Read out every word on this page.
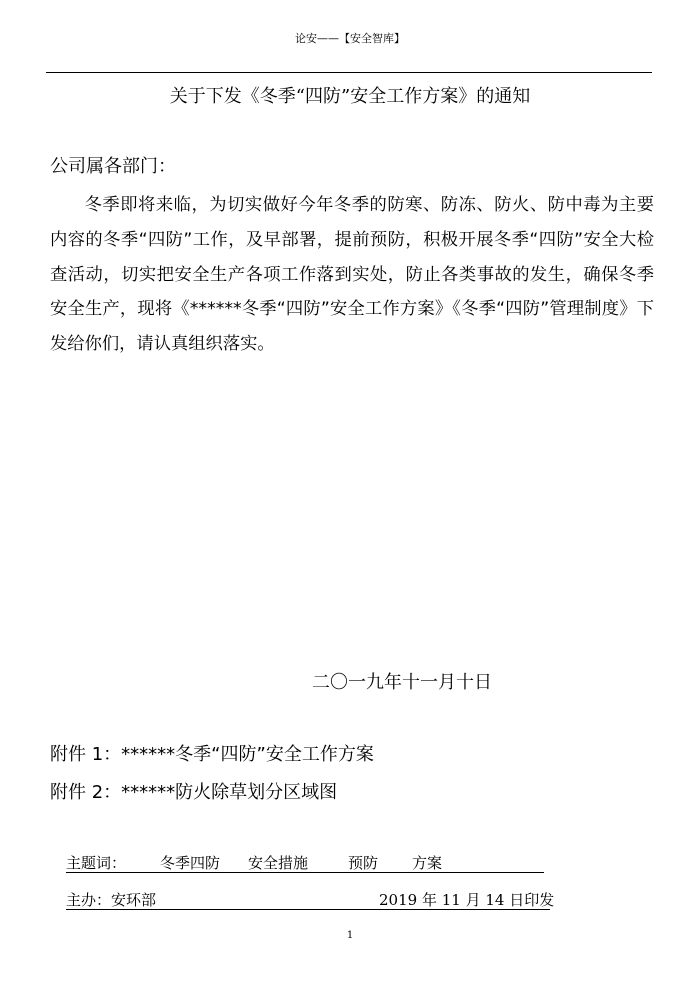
论安——【安全智库】
关于下发《冬季“四防”安全工作方案》的通知
公司属各部门：
冬季即将来临，为切实做好今年冬季的防寒、防冻、防火、防中毒为主要内容的冬季“四防”工作，及早部署，提前预防，积极开展冬季“四防”安全大检查活动，切实把安全生产各项工作落到实处，防止各类事故的发生，确保冬季安全生产，现将《******冬季“四防”安全工作方案》《冬季“四防”管理制度》下发给你们，请认真组织落实。
二〇一九年十一月十日
附件 1：******冬季“四防”安全工作方案
附件 2：******防火除草划分区域图
主题词： 冬季四防 安全措施	预防 方案
主办：安环部	2019 年 11 月 14 日印发
1
